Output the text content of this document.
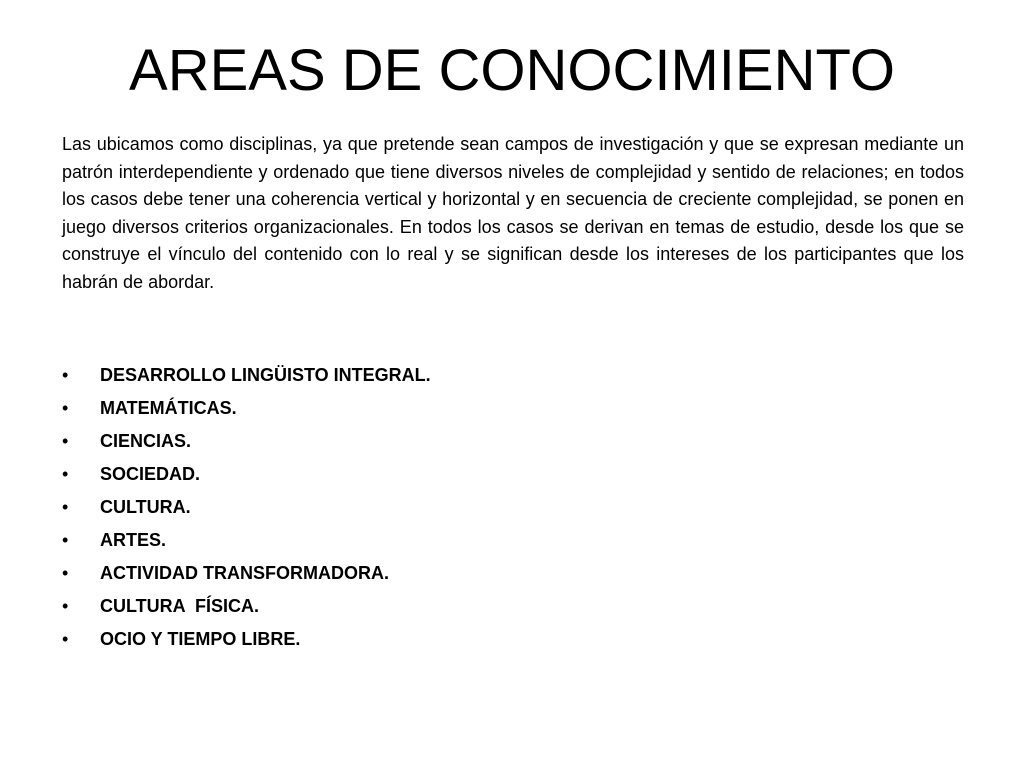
AREAS DE CONOCIMIENTO

Las ubicamos como disciplinas, ya que pretende sean campos de investigación y que se expresan mediante un patrón interdependiente y ordenado que tiene diversos niveles de complejidad y sentido de relaciones; en todos los casos debe tener una coherencia vertical y horizontal y en secuencia de creciente complejidad, se ponen en juego diversos criterios organizacionales. En todos los casos se derivan en temas de estudio, desde los que se construye el vínculo del contenido con lo real y se significan desde los intereses de los participantes que los habrán de abordar.

• DESARROLLO LINGÜISTO INTEGRAL.
• MATEMÁTICAS.
• CIENCIAS.
• SOCIEDAD.
• CULTURA.
• ARTES.
• ACTIVIDAD TRANSFORMADORA.
• CULTURA  FÍSICA.
• OCIO Y TIEMPO LIBRE.
